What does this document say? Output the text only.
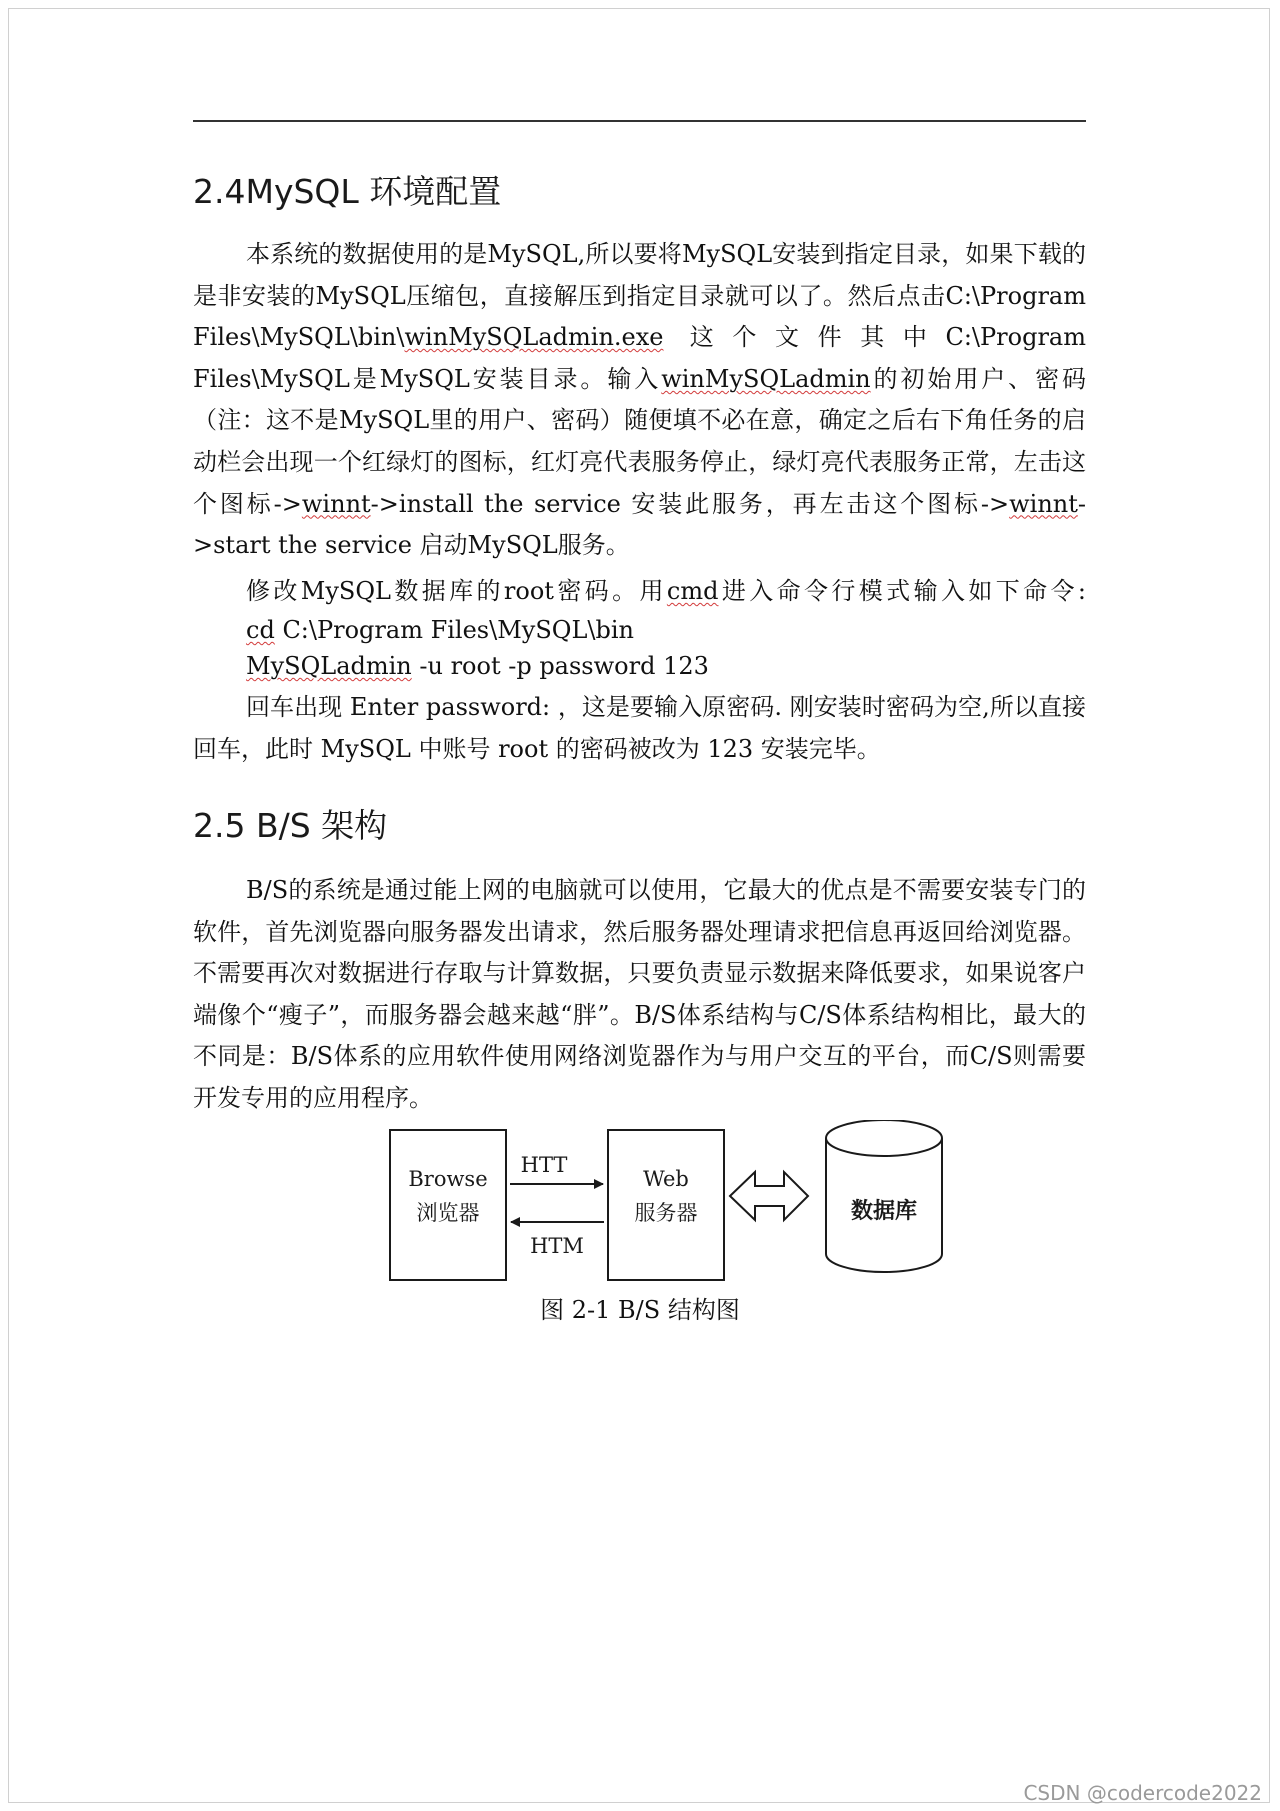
2.4MySQL 环境配置

本系统的数据使用的是MySQL,所以要将MySQL安装到指定目录，如果下载的是非安装的MySQL压缩包，直接解压到指定目录就可以了。然后点击C:\Program Files\MySQL\bin\winMySQLadmin.exe 这个文件其中C:\Program Files\MySQL是MySQL安装目录。输入winMySQLadmin的初始用户、密码（注：这不是MySQL里的用户、密码）随便填不必在意，确定之后右下角任务的启动栏会出现一个红绿灯的图标，红灯亮代表服务停止，绿灯亮代表服务正常，左击这个图标->winnt->install the service 安装此服务，再左击这个图标->winnt->start the service 启动MySQL服务。

修改MySQL数据库的root密码。用cmd进入命令行模式输入如下命令:

cd C:\Program Files\MySQL\bin

MySQLadmin -u root -p password 123

回车出现 Enter password: ，这是要输入原密码. 刚安装时密码为空,所以直接回车，此时 MySQL 中账号 root 的密码被改为 123 安装完毕。

2.5 B/S 架构

B/S的系统是通过能上网的电脑就可以使用，它最大的优点是不需要安装专门的软件，首先浏览器向服务器发出请求，然后服务器处理请求把信息再返回给浏览器。不需要再次对数据进行存取与计算数据，只要负责显示数据来降低要求，如果说客户端像个“瘦子”，而服务器会越来越“胖”。B/S体系结构与C/S体系结构相比，最大的不同是：B/S体系的应用软件使用网络浏览器作为与用户交互的平台，而C/S则需要开发专用的应用程序。

Browse
浏览器
HTT
HTM
Web
服务器	数据库

图 2-1 B/S 结构图

CSDN @codercode2022
